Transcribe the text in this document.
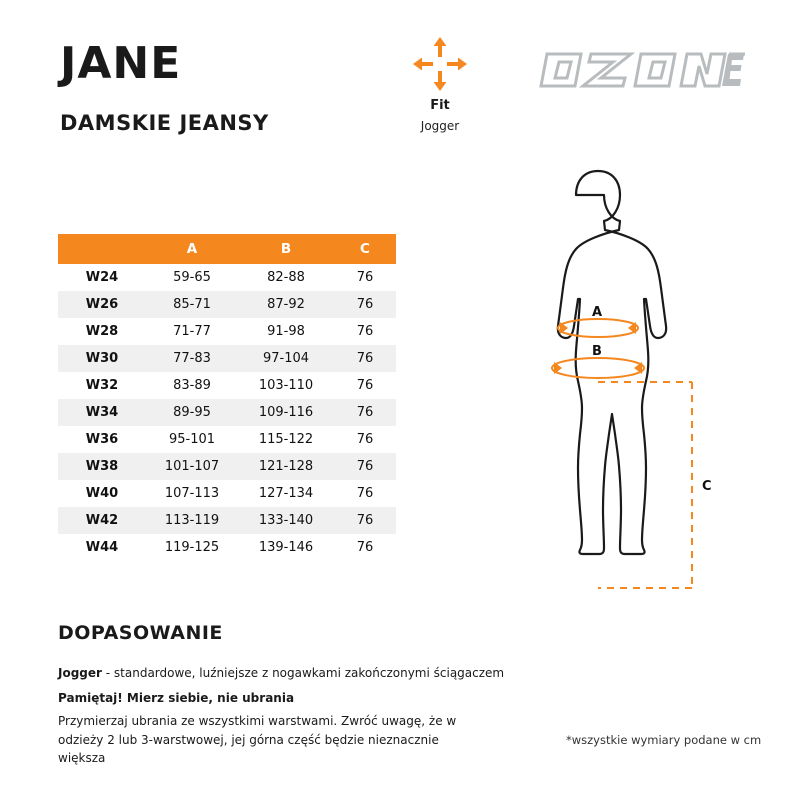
JANE
DAMSKIE JEANSY
Fit
Jogger
	A	B	C
W24	59-65	82-88	76
W26	85-71	87-92	76
W28	71-77	91-98	76
W30	77-83	97-104	76
W32	83-89	103-110	76
W34	89-95	109-116	76
W36	95-101	115-122	76
W38	101-107	121-128	76
W40	107-113	127-134	76
W42	113-119	133-140	76
W44	119-125	139-146	76
DOPASOWANIE
Jogger - standardowe, luźniejsze z nogawkami zakończonymi ściągaczem
Pamiętaj! Mierz siebie, nie ubrania
Przymierzaj ubrania ze wszystkimi warstwami. Zwróć uwagę, że w odzieży 2 lub 3-warstwowej, jej górna część będzie nieznacznie większa
*wszystkie wymiary podane w cm
A
B
C
